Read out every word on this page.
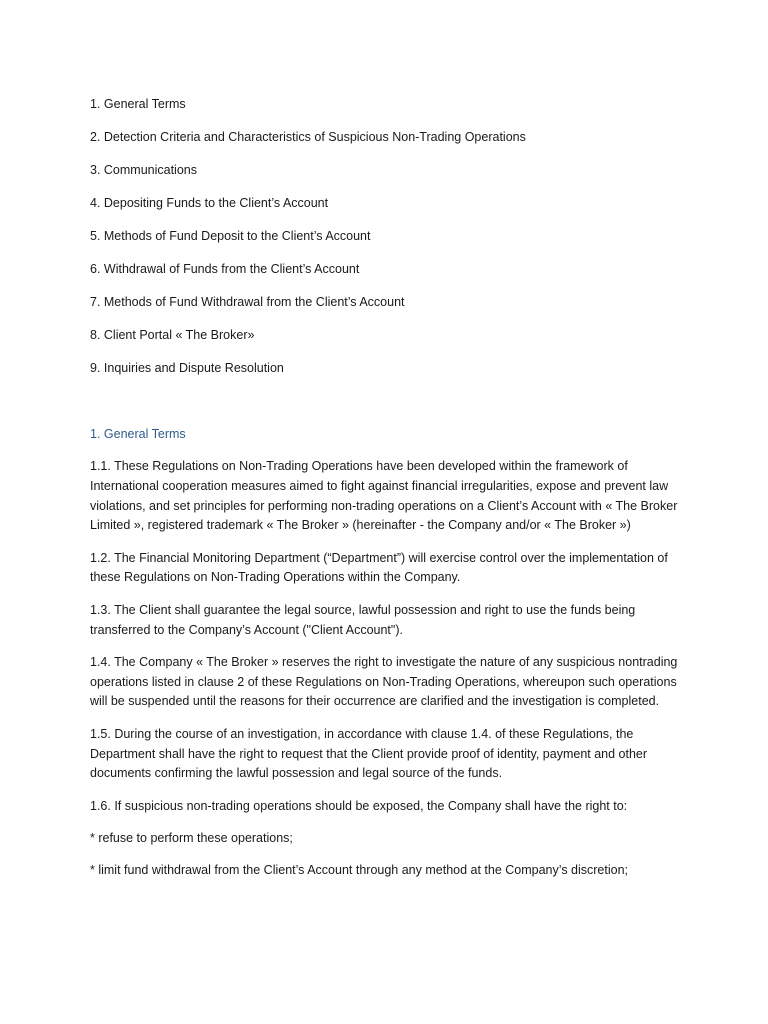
1. General Terms
2. Detection Criteria and Characteristics of Suspicious Non-Trading Operations
3. Communications
4. Depositing Funds to the Client’s Account
5. Methods of Fund Deposit to the Client’s Account
6. Withdrawal of Funds from the Client’s Account
7. Methods of Fund Withdrawal from the Client’s Account
8. Client Portal « The Broker»
9. Inquiries and Dispute Resolution
1. General Terms

1.1. These Regulations on Non-Trading Operations have been developed within the framework of International cooperation measures aimed to fight against financial irregularities, expose and prevent law violations, and set principles for performing non-trading operations on a Client’s Account with « The Broker Limited », registered trademark « The Broker » (hereinafter - the Company and/or « The Broker »)

1.2. The Financial Monitoring Department (“Department”) will exercise control over the implementation of these Regulations on Non-Trading Operations within the Company.

1.3. The Client shall guarantee the legal source, lawful possession and right to use the funds being transferred to the Company’s Account ("Client Account").

1.4. The Company « The Broker » reserves the right to investigate the nature of any suspicious nontrading operations listed in clause 2 of these Regulations on Non-Trading Operations, whereupon such operations will be suspended until the reasons for their occurrence are clarified and the investigation is completed.

1.5. During the course of an investigation, in accordance with clause 1.4. of these Regulations, the Department shall have the right to request that the Client provide proof of identity, payment and other documents confirming the lawful possession and legal source of the funds.

1.6. If suspicious non-trading operations should be exposed, the Company shall have the right to:

* refuse to perform these operations;

* limit fund withdrawal from the Client’s Account through any method at the Company’s discretion;
